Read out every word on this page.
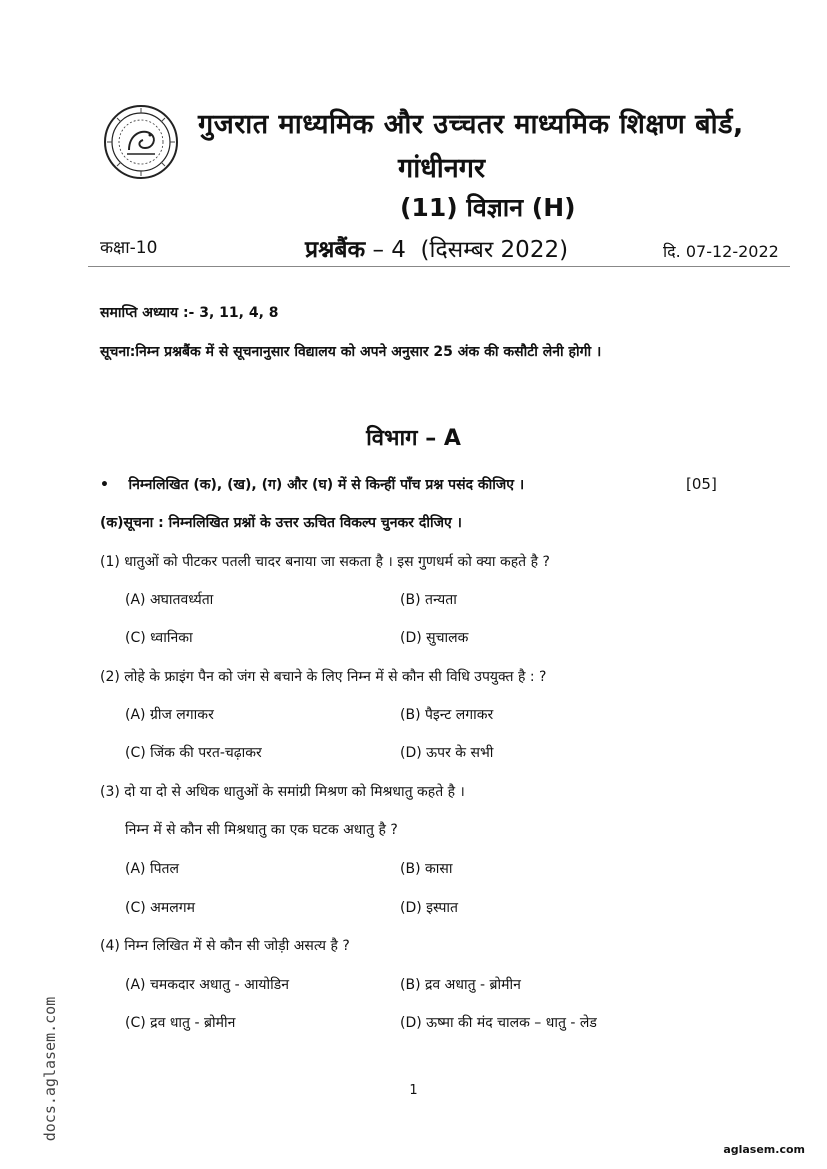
गुजरात माध्यमिक और उच्चतर माध्यमिक शिक्षण बोर्ड,
गांधीनगर
(11) विज्ञान (H)
कक्षा-10	प्रश्नबैंक – 4  (दिसम्बर 2022)	दि. 07-12-2022
समाप्ति अध्याय :- 3, 11, 4, 8
सूचना:निम्न प्रश्नबैंक में से सूचनानुसार विद्यालय को अपने अनुसार 25 अंक की कसौटी लेनी होगी ।
विभाग – A
•    निम्नलिखित (क), (ख), (ग) और (घ) में से किन्हीं पाँच प्रश्न पसंद कीजिए ।	[05]
(क)सूचना : निम्नलिखित प्रश्नों के उत्तर ऊचित विकल्प चुनकर दीजिए ।
(1) धातुओं को पीटकर पतली चादर बनाया जा सकता है । इस गुणधर्म को क्या कहते है ?
(A) अघातवर्ध्यता	(B) तन्यता
(C) ध्वानिका	(D) सुचालक
(2) लोहे के फ्राइंग पैन को जंग से बचाने के लिए निम्न में से कौन सी विधि उपयुक्त है : ?
(A) ग्रीज लगाकर	(B) पैइन्ट लगाकर
(C) जिंक की परत-चढ़ाकर	(D) ऊपर के सभी
(3) दो या दो से अधिक धातुओं के समांग्री मिश्रण को मिश्रधातु कहते है ।
निम्न में से कौन सी मिश्रधातु का एक घटक अधातु है ?
(A) पितल	(B) कासा
(C) अमलगम	(D) इस्पात
(4) निम्न लिखित में से कौन सी जोड़ी असत्य है ?
(A) चमकदार अधातु - आयोडिन	(B) द्रव अधातु - ब्रोमीन
(C) द्रव धातु - ब्रोमीन	(D) ऊष्मा की मंद चालक – धातु - लेड
1
docs.aglasem.com
aglasem.com
